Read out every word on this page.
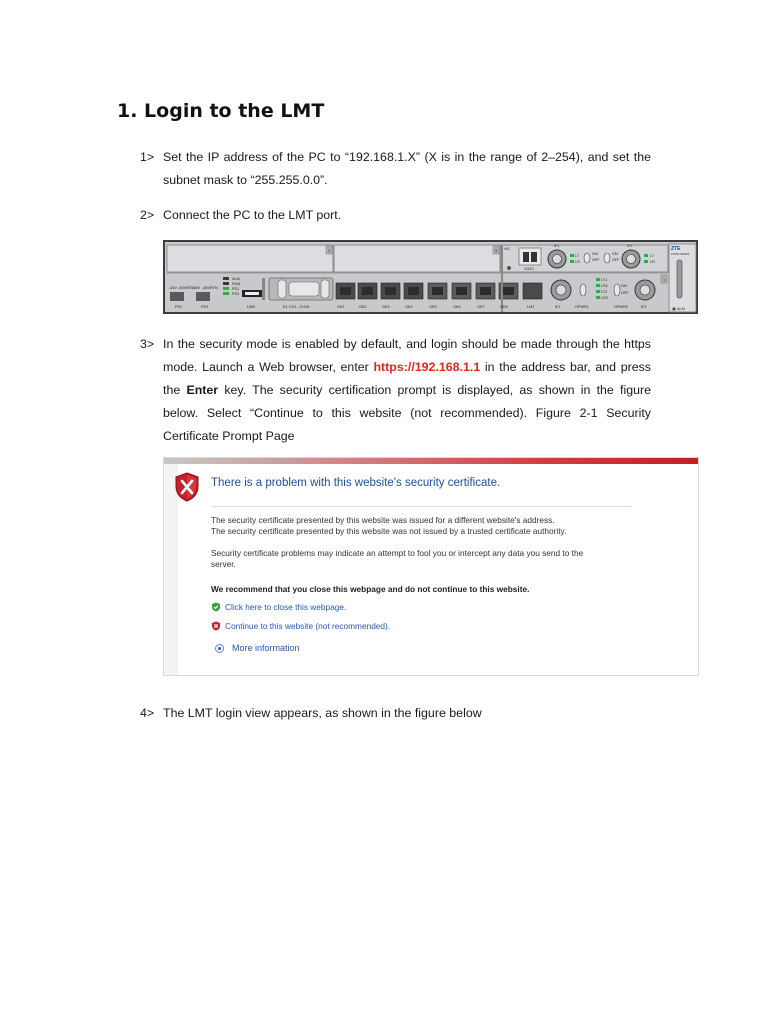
1. Login to the LMT
1> Set the IP address of the PC to “192.168.1.X” (X is in the range of 2–254), and set the subnet mask to “255.255.0.0”.
2> Connect the PC to the LMT port.
2	3
1
-40V -60VRTN
-48V -48VRTN
ALM
RUN
PS1
PS2
HO
XGE1
IF1
LT
LR
ON
OFF
ON
OFF
IF2
LT
LR
LT1
LR1
LT2
LR2
ON
OFF
PS1	PS2	USB	E1 CH1 - CH16	GE1	GE2	GE3	GE4	GE5	GE6	GE7	GE8	LMT	IF1	OPWR1	OPWR2	IF2
ZTE
ZXMW NR8250
ALM
3> In the security mode is enabled by default, and login should be made through the https mode. Launch a Web browser, enter https://192.168.1.1 in the address bar, and press the Enter key. The security certification prompt is displayed, as shown in the figure below. Select “Continue to this website (not recommended). Figure 2-1 Security Certificate Prompt Page
There is a problem with this website's security certificate.
The security certificate presented by this website was issued for a different website's address.
The security certificate presented by this website was not issued by a trusted certificate authority.
Security certificate problems may indicate an attempt to fool you or intercept any data you send to the
server.
We recommend that you close this webpage and do not continue to this website.
Click here to close this webpage.
Continue to this website (not recommended).
More information
4> The LMT login view appears, as shown in the figure below
